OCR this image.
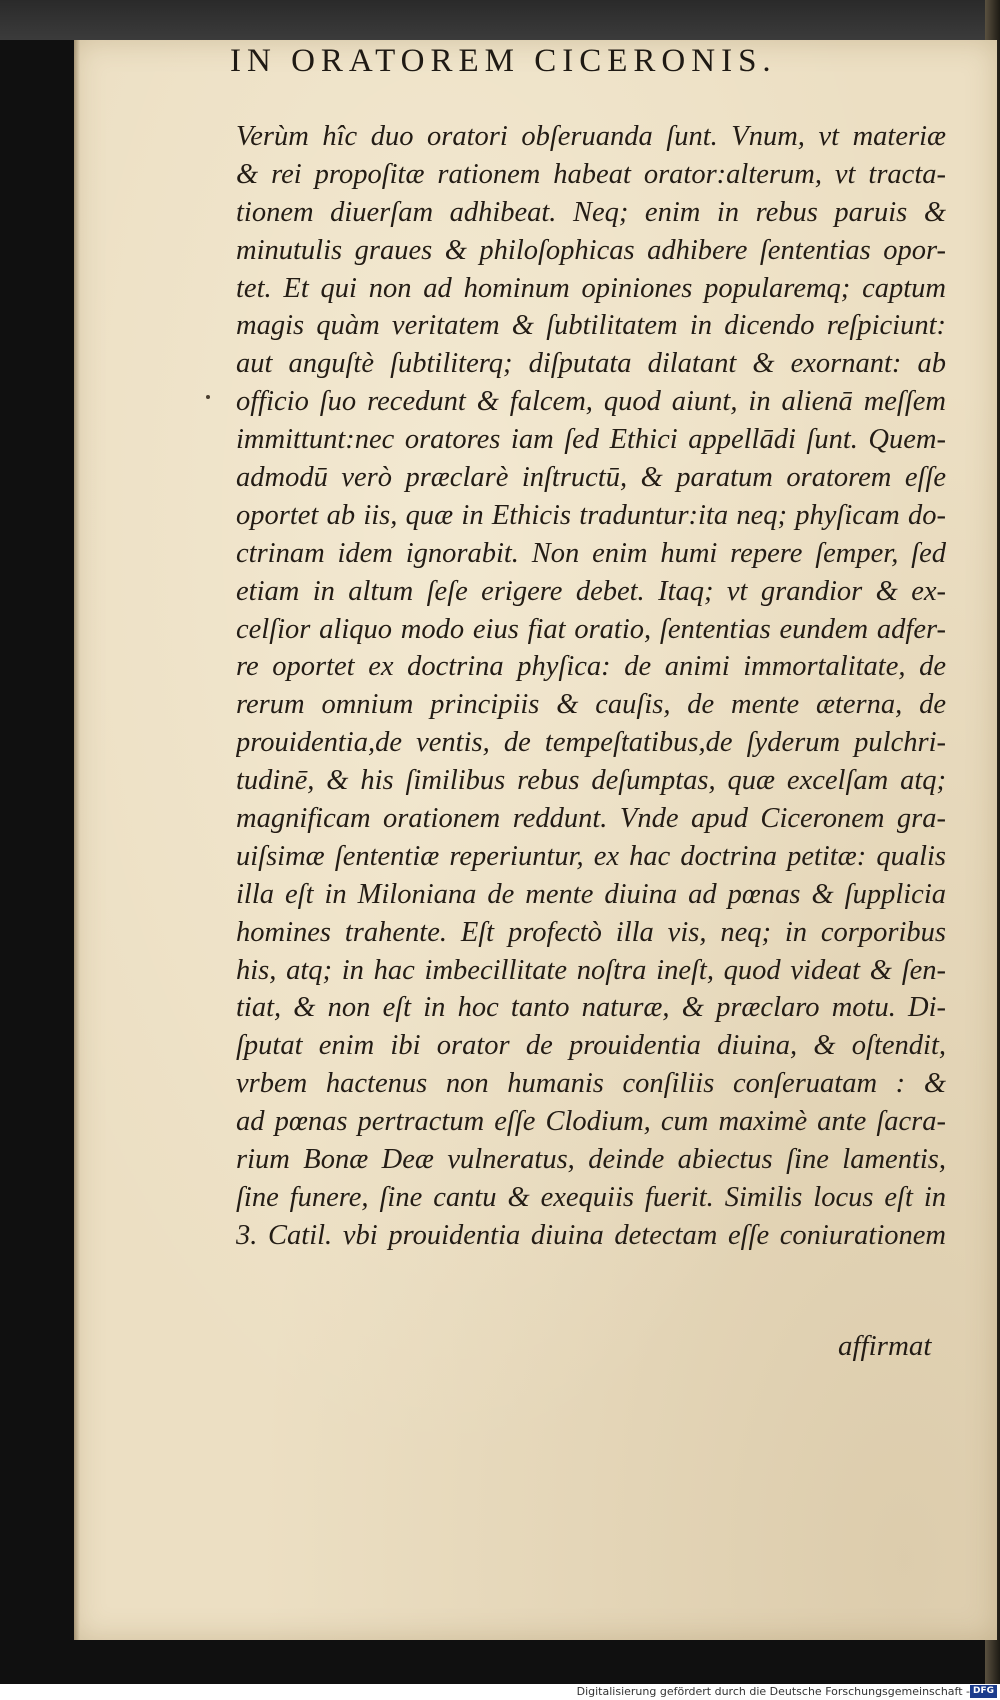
IN ORATOREM CICERONIS.
Verùm hîc duo oratori obſeruanda ſunt. Vnum, vt materiæ
& rei propoſitæ rationem habeat orator:alterum, vt tracta-
tionem diuerſam adhibeat. Neq; enim in rebus paruis &
minutulis graues & philoſophicas adhibere ſententias opor-
tet. Et qui non ad hominum opiniones popularemq; captum
magis quàm veritatem & ſubtilitatem in dicendo reſpiciunt:
aut anguſtè ſubtiliterq; diſputata dilatant & exornant: ab
officio ſuo recedunt & falcem, quod aiunt, in alienā meſſem
immittunt:nec oratores iam ſed Ethici appellādi ſunt. Quem-
admodū verò præclarè inſtructū, & paratum oratorem eſſe
oportet ab iis, quæ in Ethicis traduntur:ita neq; phyſicam do-
ctrinam idem ignorabit. Non enim humi repere ſemper, ſed
etiam in altum ſeſe erigere debet. Itaq; vt grandior & ex-
celſior aliquo modo eius fiat oratio, ſententias eundem adfer-
re oportet ex doctrina phyſica: de animi immortalitate, de
rerum omnium principiis & cauſis, de mente æterna, de
prouidentia,de ventis, de tempeſtatibus,de ſyderum pulchri-
tudinē, & his ſimilibus rebus deſumptas, quæ excelſam atq;
magnificam orationem reddunt. Vnde apud Ciceronem gra-
uiſsimæ ſententiæ reperiuntur, ex hac doctrina petitæ: qualis
illa eſt in Miloniana de mente diuina ad pœnas & ſupplicia
homines trahente. Eſt profectò illa vis, neq; in corporibus
his, atq; in hac imbecillitate noſtra ineſt, quod videat & ſen-
tiat, & non eſt in hoc tanto naturæ, & præclaro motu. Di-
ſputat enim ibi orator de prouidentia diuina, & oſtendit,
vrbem hactenus non humanis conſiliis conſeruatam : &
ad pœnas pertractum eſſe Clodium, cum maximè ante ſacra-
rium Bonæ Deæ vulneratus, deinde abiectus ſine lamentis,
ſine funere, ſine cantu & exequiis fuerit. Similis locus eſt in
3. Catil. vbi prouidentia diuina detectam eſſe coniurationem
affirmat
Digitalisierung gefördert durch die Deutsche Forschungsgemeinschaft - DFG
